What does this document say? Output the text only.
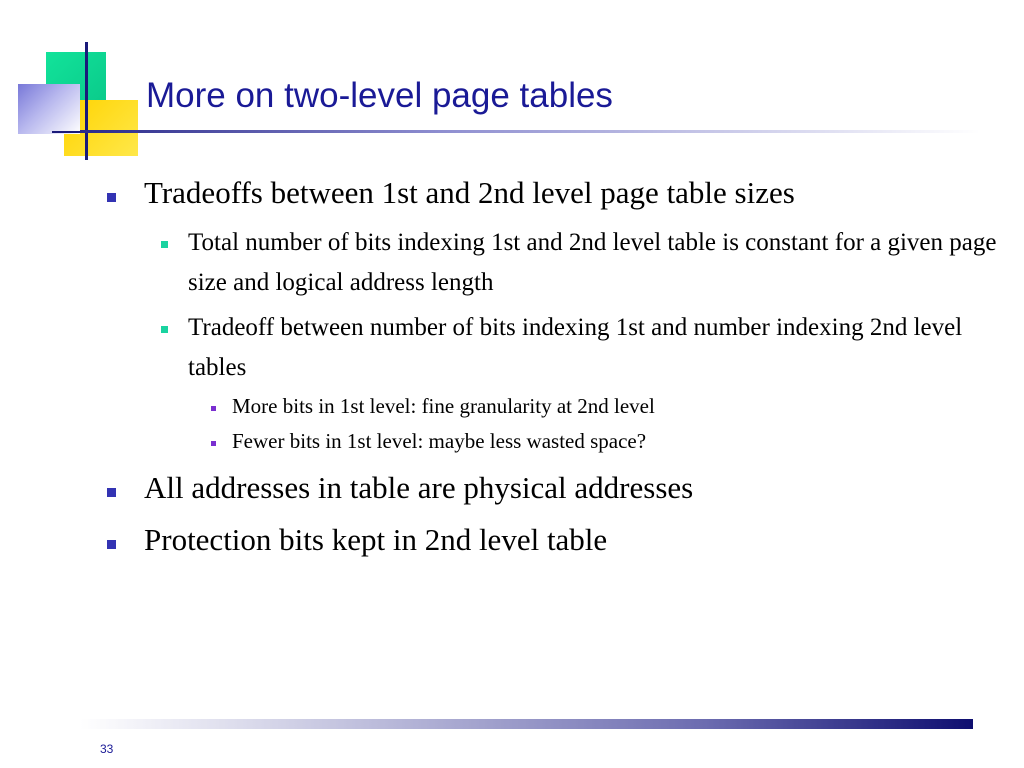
More on two-level page tables
Tradeoffs between 1st and 2nd level page table sizes
Total number of bits indexing 1st and 2nd level table is constant for a given page size and logical address length
Tradeoff between number of bits indexing 1st and number indexing 2nd level tables
More bits in 1st level: fine granularity at 2nd level
Fewer bits in 1st level: maybe less wasted space?
All addresses in table are physical addresses
Protection bits kept in 2nd level table
33
